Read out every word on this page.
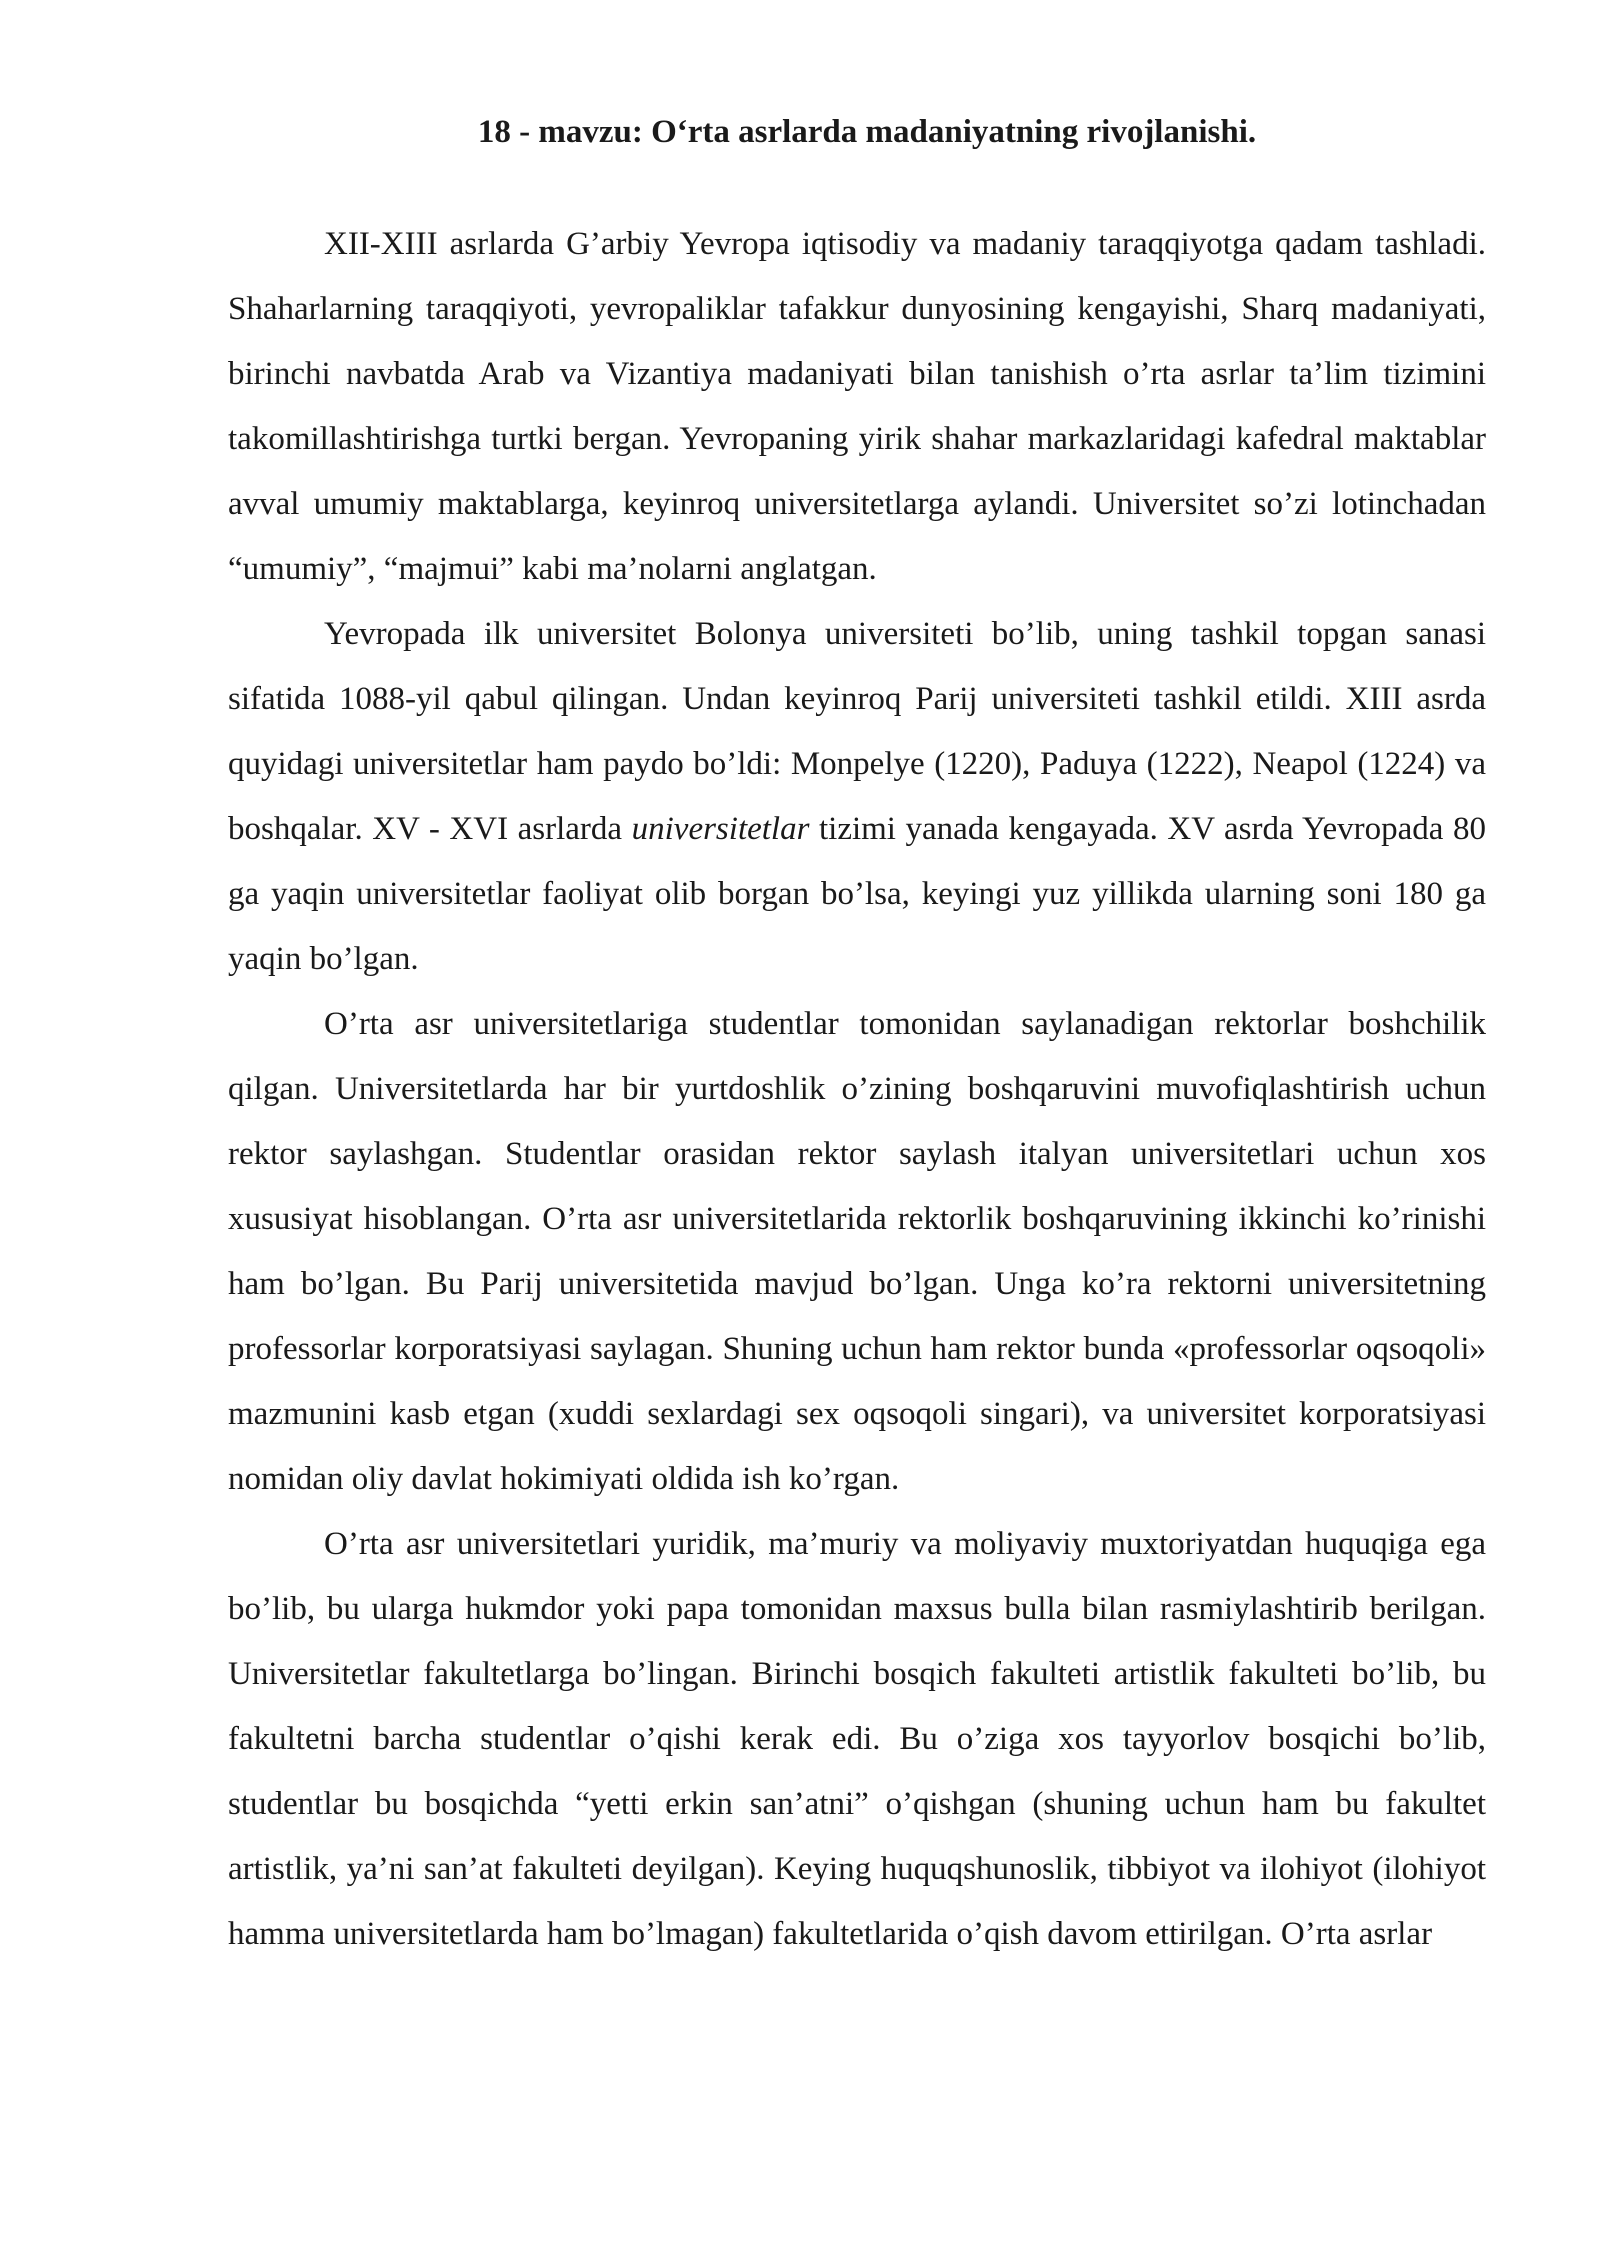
18 - mavzu: O‘rta asrlarda madaniyatning rivojlanishi.

XII-XIII asrlarda G’arbiy Yevropa iqtisodiy va madaniy taraqqiyotga qadam tashladi. Shaharlarning taraqqiyoti, yevropaliklar tafakkur dunyosining kengayishi, Sharq madaniyati, birinchi navbatda Arab va Vizantiya madaniyati bilan tanishish o’rta asrlar ta’lim tizimini takomillashtirishga turtki bergan. Yevropaning yirik shahar markazlaridagi kafedral maktablar avval umumiy maktablarga, keyinroq universitetlarga aylandi. Universitet so’zi lotinchadan “umumiy”, “majmui” kabi ma’nolarni anglatgan.

Yevropada ilk universitet Bolonya universiteti bo’lib, uning tashkil topgan sanasi sifatida 1088-yil qabul qilingan. Undan keyinroq Parij universiteti tashkil etildi. XIII asrda quyidagi universitetlar ham paydo bo’ldi: Monpelye (1220), Paduya (1222), Neapol (1224) va boshqalar. XV - XVI asrlarda universitetlar tizimi yanada kengayada. XV asrda Yevropada 80 ga yaqin universitetlar faoliyat olib borgan bo’lsa, keyingi yuz yillikda ularning soni 180 ga yaqin bo’lgan.

O’rta asr universitetlariga studentlar tomonidan saylanadigan rektorlar boshchilik qilgan. Universitetlarda har bir yurtdoshlik o’zining boshqaruvini muvofiqlashtirish uchun rektor saylashgan. Studentlar orasidan rektor saylash italyan universitetlari uchun xos xususiyat hisoblangan. O’rta asr universitetlarida rektorlik boshqaruvining ikkinchi ko’rinishi ham bo’lgan. Bu Parij universitetida mavjud bo’lgan. Unga ko’ra rektorni universitetning professorlar korporatsiyasi saylagan. Shuning uchun ham rektor bunda «professorlar oqsoqoli» mazmunini kasb etgan (xuddi sexlardagi sex oqsoqoli singari), va universitet korporatsiyasi nomidan oliy davlat hokimiyati oldida ish ko’rgan.

O’rta asr universitetlari yuridik, ma’muriy va moliyaviy muxtoriyatdan huquqiga ega bo’lib, bu ularga hukmdor yoki papa tomonidan maxsus bulla bilan rasmiylashtirib berilgan. Universitetlar fakultetlarga bo’lingan. Birinchi bosqich fakulteti artistlik fakulteti bo’lib, bu fakultetni barcha studentlar o’qishi kerak edi. Bu o’ziga xos tayyorlov bosqichi bo’lib, studentlar bu bosqichda “yetti erkin san’atni” o’qishgan (shuning uchun ham bu fakultet artistlik, ya’ni san’at fakulteti deyilgan). Keying huquqshunoslik, tibbiyot va ilohiyot (ilohiyot hamma universitetlarda ham bo’lmagan) fakultetlarida o’qish davom ettirilgan. O’rta asrlar
